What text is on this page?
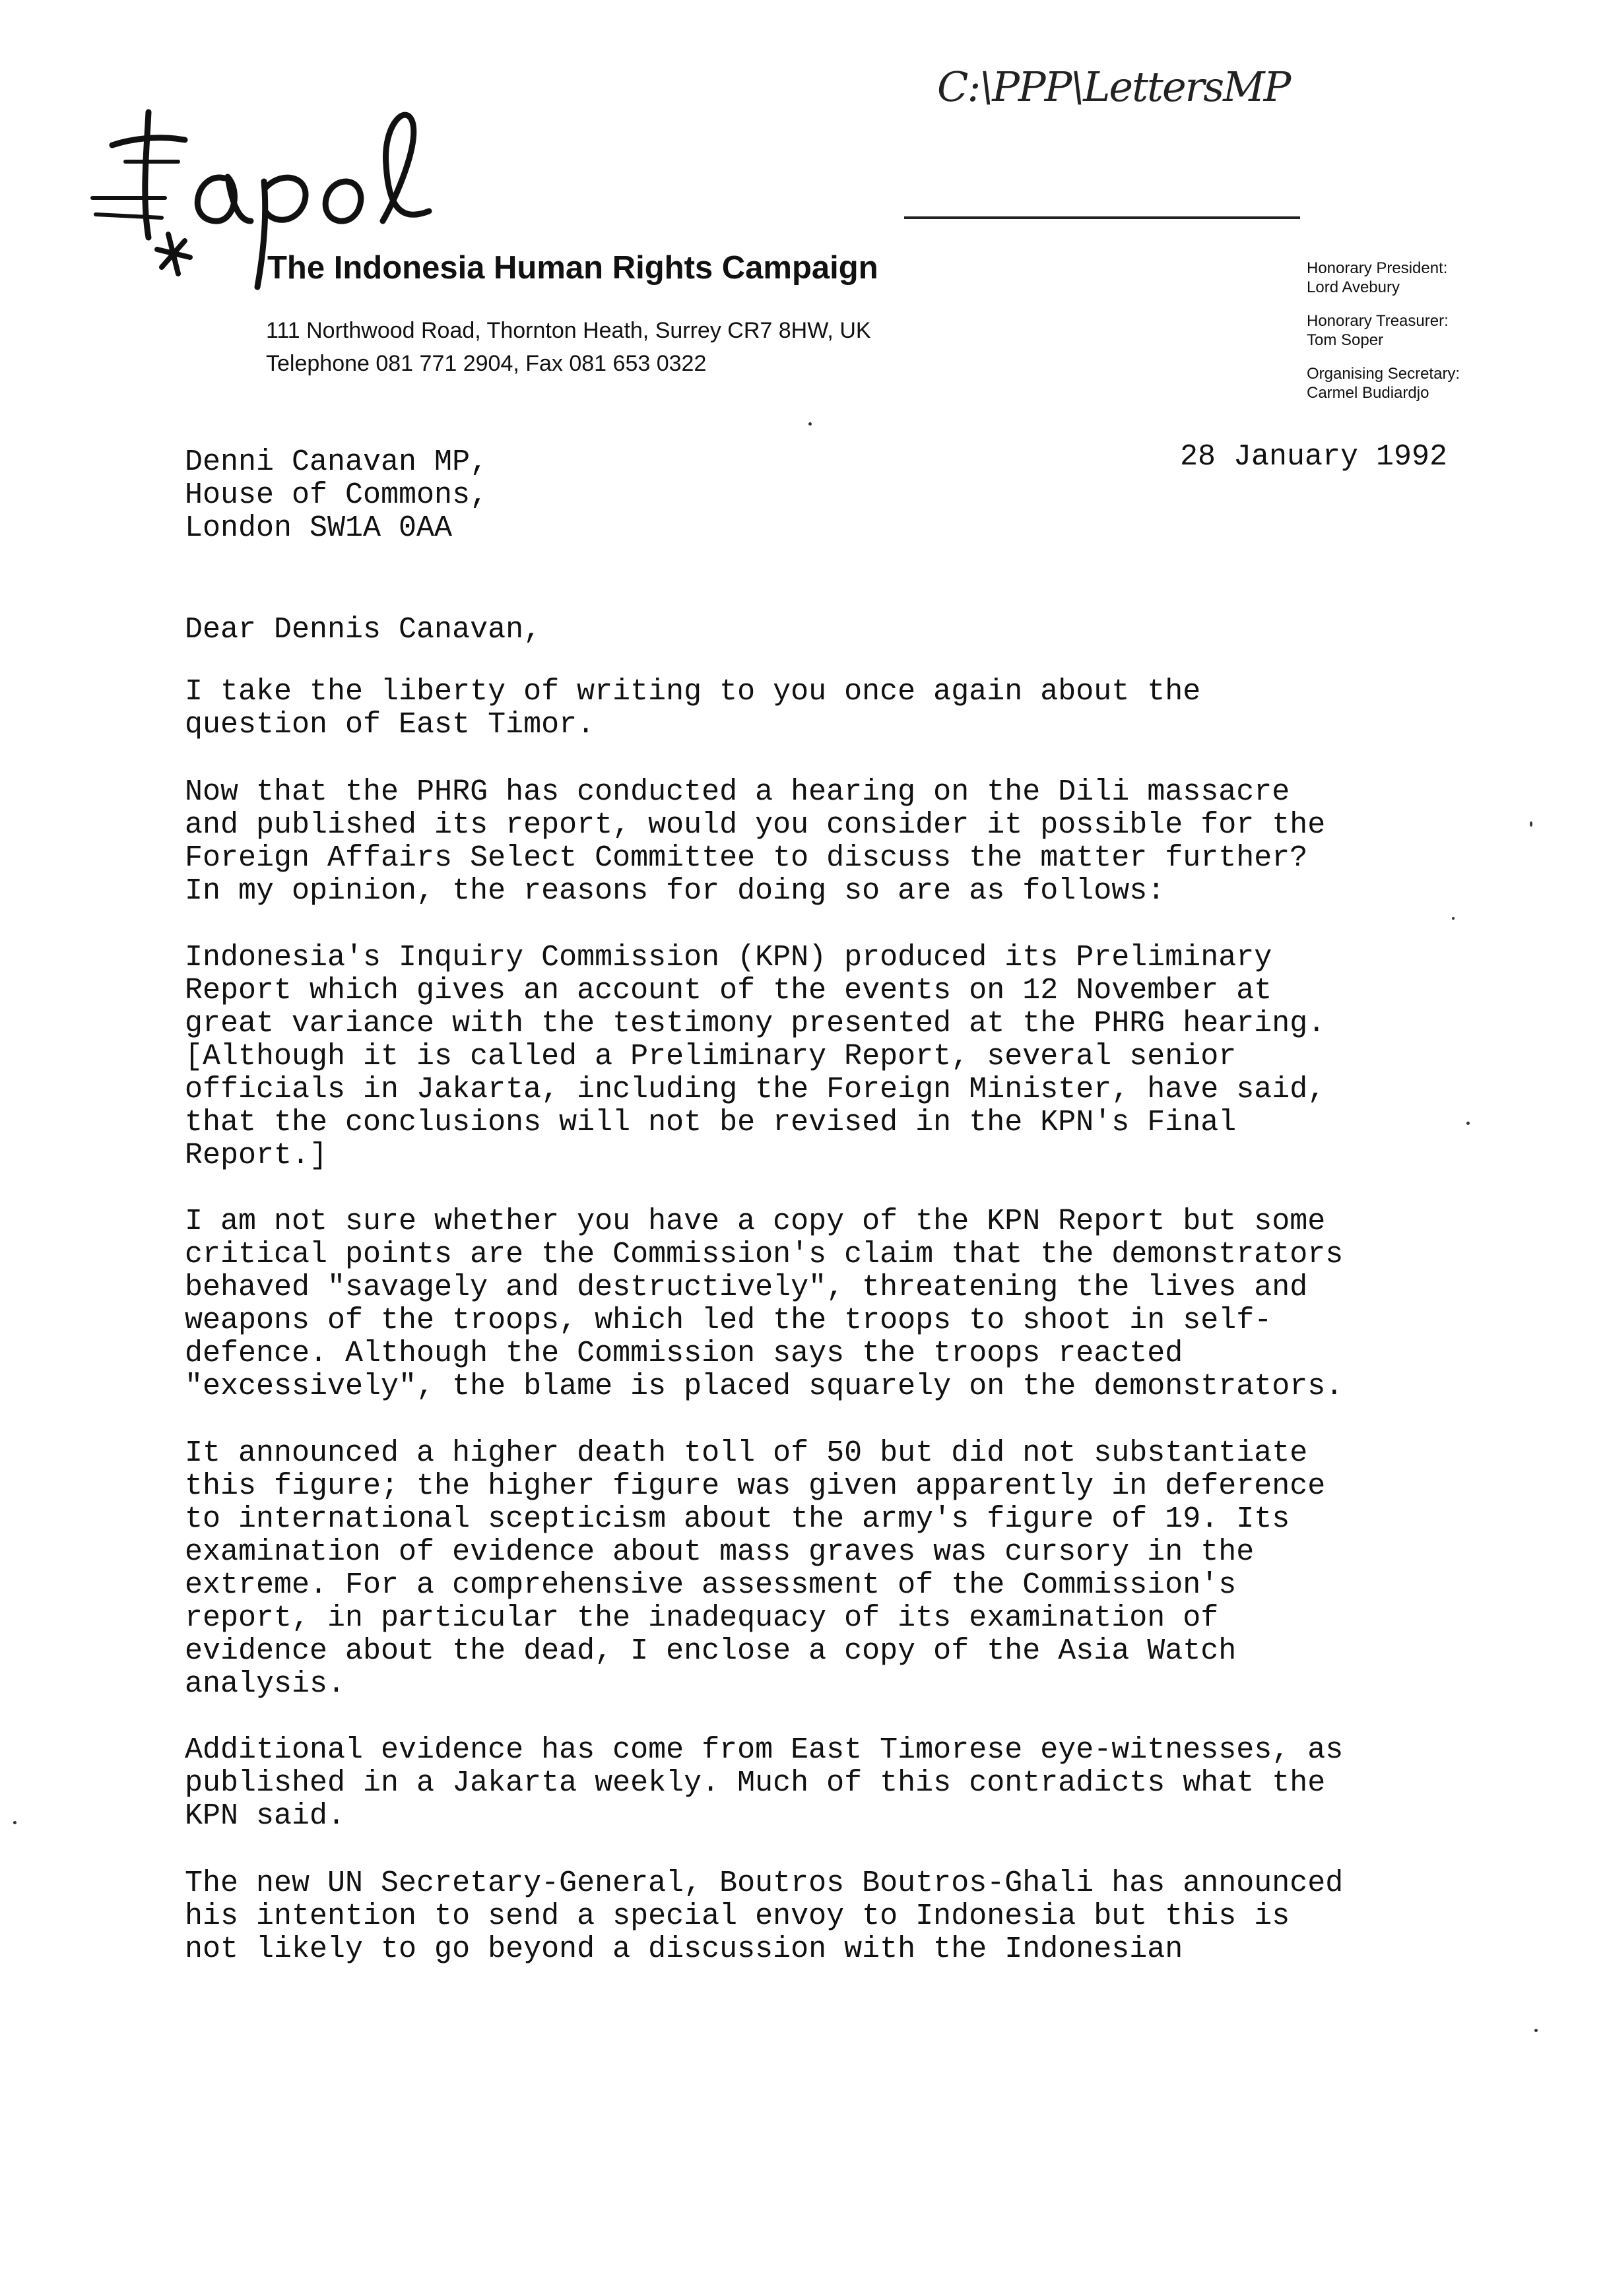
C:\PPP\LettersMP
The Indonesia Human Rights Campaign
111 Northwood Road, Thornton Heath, Surrey CR7 8HW, UK
Telephone 081 771 2904, Fax 081 653 0322
Honorary President:
Lord Avebury
Honorary Treasurer:
Tom Soper
Organising Secretary:
Carmel Budiardjo
28 January 1992
Denni Canavan MP,
House of Commons,
London SW1A 0AA
Dear Dennis Canavan,
I take the liberty of writing to you once again about the
question of East Timor.
Now that the PHRG has conducted a hearing on the Dili massacre
and published its report, would you consider it possible for the
Foreign Affairs Select Committee to discuss the matter further?
In my opinion, the reasons for doing so are as follows:
Indonesia's Inquiry Commission (KPN) produced its Preliminary
Report which gives an account of the events on 12 November at
great variance with the testimony presented at the PHRG hearing.
[Although it is called a Preliminary Report, several senior
officials in Jakarta, including the Foreign Minister, have said,
that the conclusions will not be revised in the KPN's Final
Report.]
I am not sure whether you have a copy of the KPN Report but some
critical points are the Commission's claim that the demonstrators
behaved "savagely and destructively", threatening the lives and
weapons of the troops, which led the troops to shoot in self-
defence. Although the Commission says the troops reacted
"excessively", the blame is placed squarely on the demonstrators.
It announced a higher death toll of 50 but did not substantiate
this figure; the higher figure was given apparently in deference
to international scepticism about the army's figure of 19. Its
examination of evidence about mass graves was cursory in the
extreme. For a comprehensive assessment of the Commission's
report, in particular the inadequacy of its examination of
evidence about the dead, I enclose a copy of the Asia Watch
analysis.
Additional evidence has come from East Timorese eye-witnesses, as
published in a Jakarta weekly. Much of this contradicts what the
KPN said.
The new UN Secretary-General, Boutros Boutros-Ghali has announced
his intention to send a special envoy to Indonesia but this is
not likely to go beyond a discussion with the Indonesian
